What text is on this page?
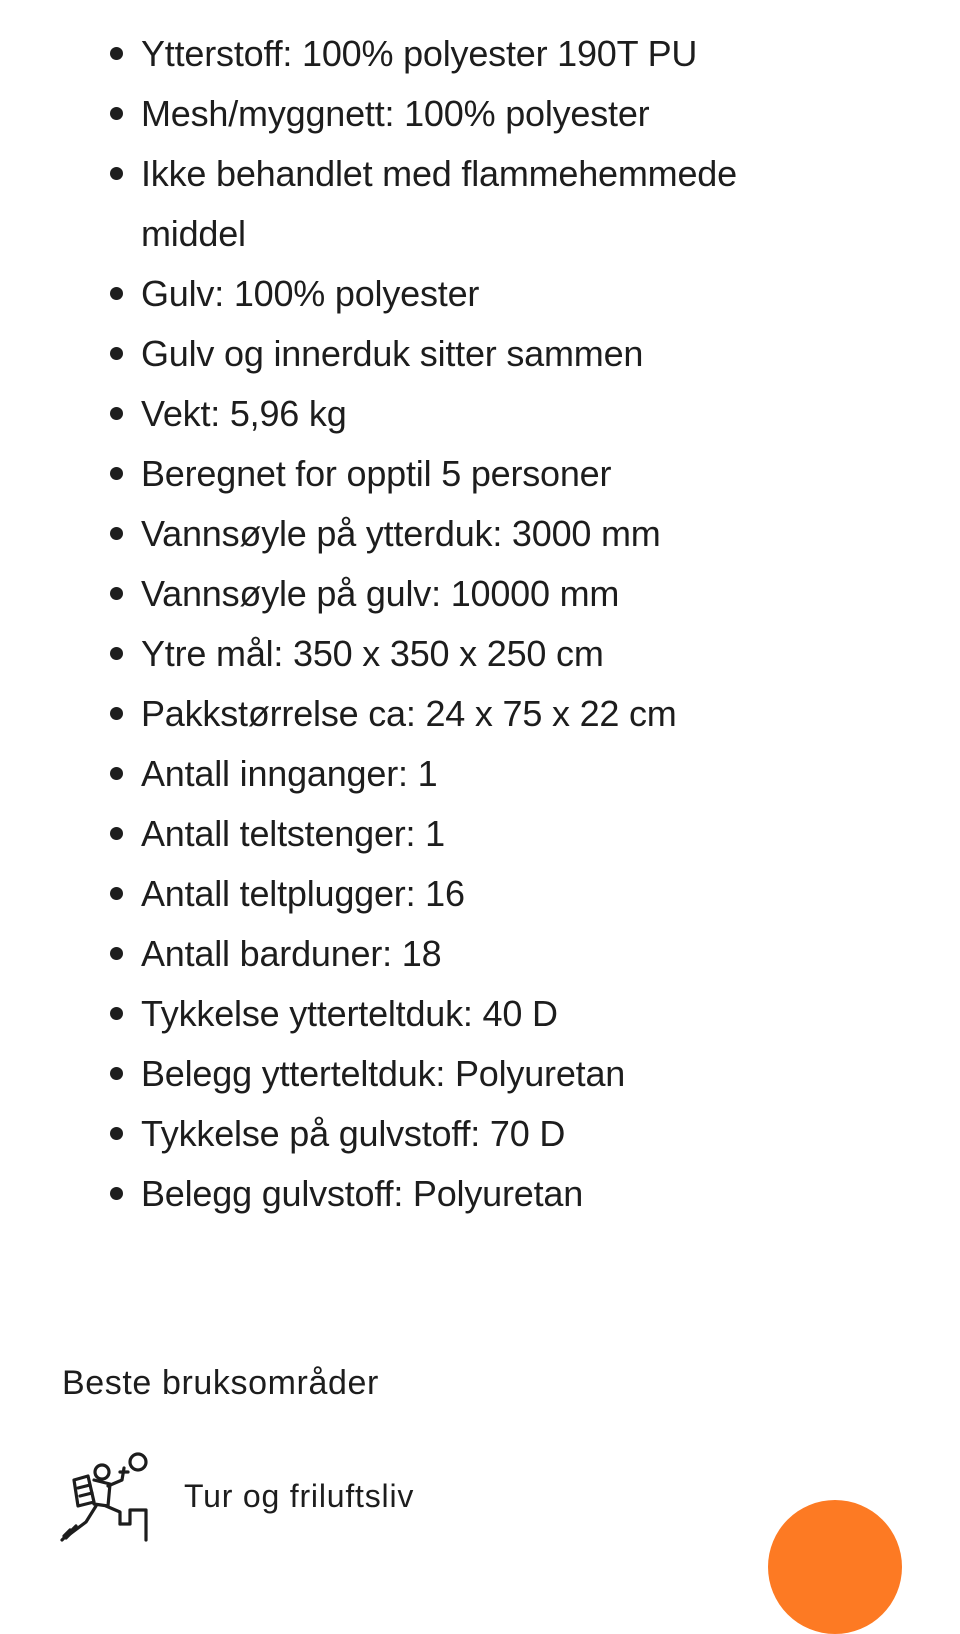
Ytterstoff: 100% polyester 190T PU
Mesh/myggnett: 100% polyester
Ikke behandlet med flammehemmede middel
Gulv: 100% polyester
Gulv og innerduk sitter sammen
Vekt: 5,96 kg
Beregnet for opptil 5 personer
Vannsøyle på ytterduk: 3000 mm
Vannsøyle på gulv: 10000 mm
Ytre mål: 350 x 350 x 250 cm
Pakkstørrelse ca: 24 x 75 x 22 cm
Antall innganger: 1
Antall teltstenger: 1
Antall teltplugger: 16
Antall barduner: 18
Tykkelse ytterteltduk: 40 D
Belegg ytterteltduk: Polyuretan
Tykkelse på gulvstoff: 70 D
Belegg gulvstoff: Polyuretan
Beste bruksområder
Tur og friluftsliv
